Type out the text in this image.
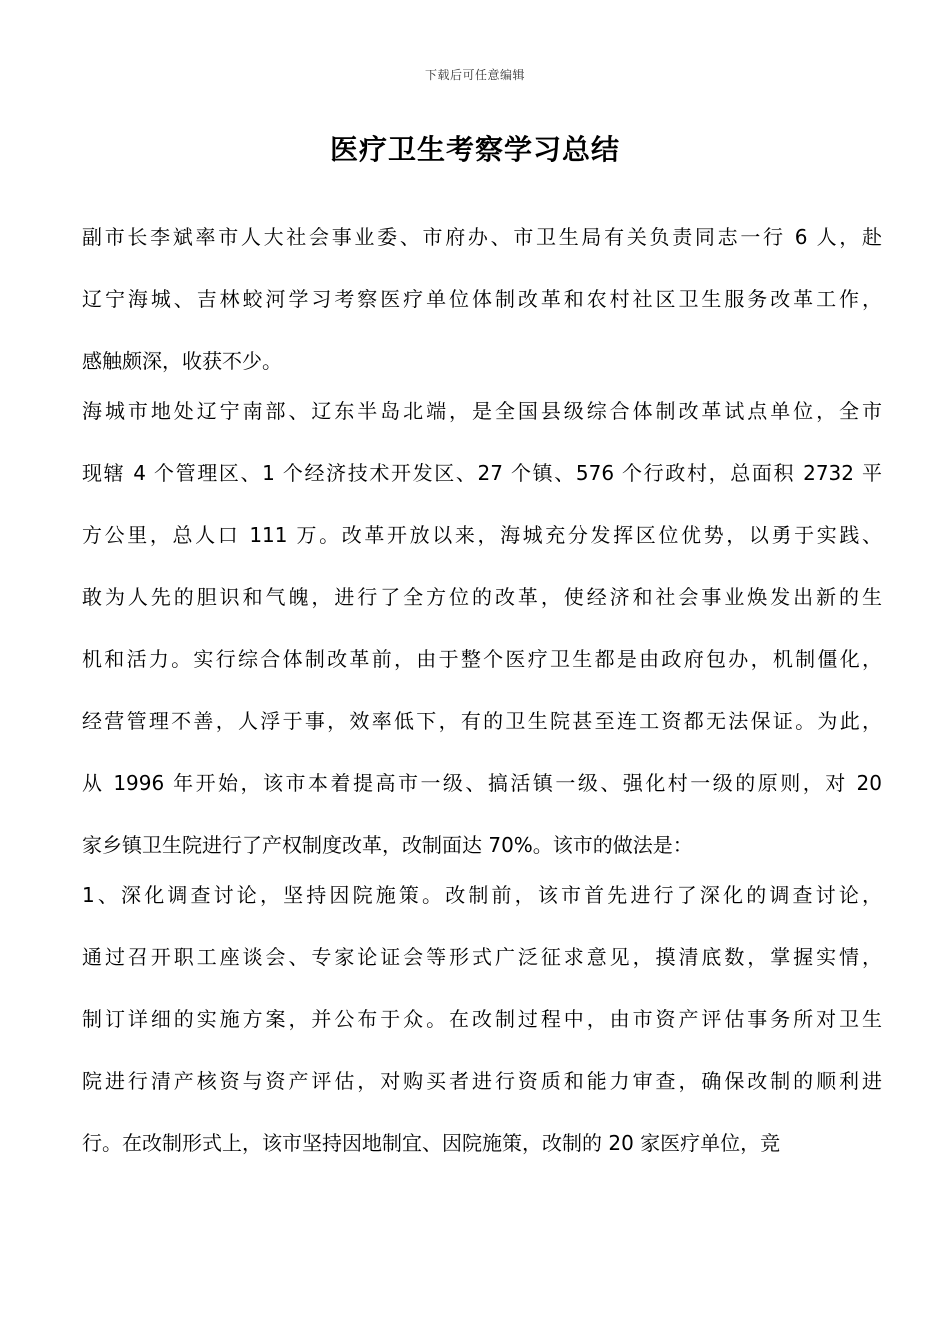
下载后可任意编辑
医疗卫生考察学习总结

副市长李斌率市人大社会事业委、市府办、市卫生局有关负责同志一行 6 人，赴
辽宁海城、吉林蛟河学习考察医疗单位体制改革和农村社区卫生服务改革工作，
感触颇深，收获不少。

海城市地处辽宁南部、辽东半岛北端，是全国县级综合体制改革试点单位，全市
现辖 4 个管理区、1 个经济技术开发区、27 个镇、576 个行政村，总面积 2732 平
方公里，总人口 111 万。改革开放以来，海城充分发挥区位优势，以勇于实践、
敢为人先的胆识和气魄，进行了全方位的改革，使经济和社会事业焕发出新的生
机和活力。实行综合体制改革前，由于整个医疗卫生都是由政府包办，机制僵化，
经营管理不善，人浮于事，效率低下，有的卫生院甚至连工资都无法保证。为此，
从 1996 年开始，该市本着提高市一级、搞活镇一级、强化村一级的原则，对 20
家乡镇卫生院进行了产权制度改革，改制面达 70%。该市的做法是：

1、深化调查讨论，坚持因院施策。改制前，该市首先进行了深化的调查讨论，
通过召开职工座谈会、专家论证会等形式广泛征求意见，摸清底数，掌握实情，
制订详细的实施方案，并公布于众。在改制过程中，由市资产评估事务所对卫生
院进行清产核资与资产评估，对购买者进行资质和能力审查，确保改制的顺利进
行。在改制形式上，该市坚持因地制宜、因院施策，改制的 20 家医疗单位，竞
